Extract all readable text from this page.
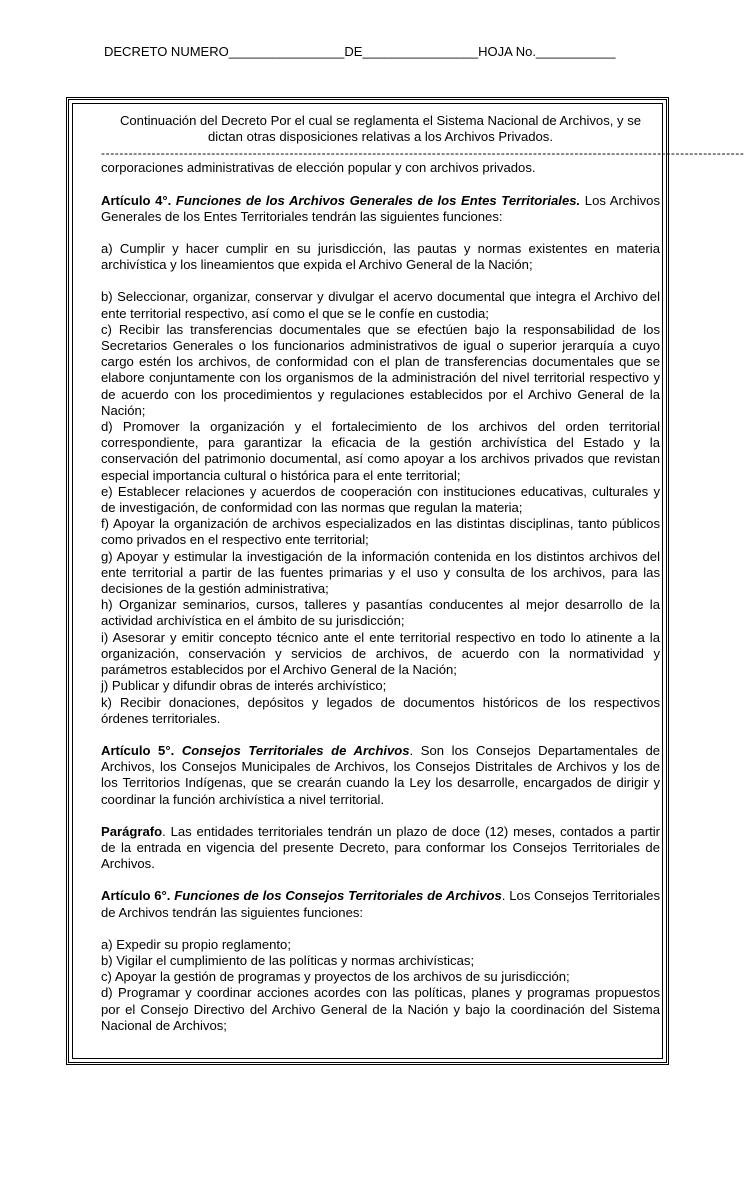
DECRETO NUMERO________________DE________________HOJA No.___________

Continuación del Decreto Por el cual se reglamenta el Sistema Nacional de Archivos, y se dictan otras disposiciones relativas a los Archivos Privados.

--------------------------------------------------------------------------------------------------------------------------------------------

corporaciones administrativas de elección popular y con archivos privados.

Artículo 4°. Funciones de los Archivos Generales de los Entes Territoriales. Los Archivos Generales de los Entes Territoriales tendrán las siguientes funciones:

a) Cumplir y hacer cumplir en su jurisdicción, las pautas y normas existentes en materia archivística y los lineamientos que expida el Archivo General de la Nación;

b) Seleccionar, organizar, conservar y divulgar el acervo documental que integra el Archivo del ente territorial respectivo, así como el que se le confíe en custodia;

c) Recibir las transferencias documentales que se efectúen bajo la responsabilidad de los Secretarios Generales o los funcionarios administrativos de igual o superior jerarquía a cuyo cargo estén los archivos, de conformidad con el plan de transferencias documentales que se elabore conjuntamente con los organismos de la administración del nivel territorial respectivo y de acuerdo con los procedimientos y regulaciones establecidos por el Archivo General de la Nación;

d) Promover la organización y el fortalecimiento de los archivos del orden territorial correspondiente, para garantizar la eficacia de la gestión archivística del Estado y la conservación del patrimonio documental, así como apoyar a los archivos privados que revistan especial importancia cultural o histórica para el ente territorial;

e) Establecer relaciones y acuerdos de cooperación con instituciones educativas, culturales y de investigación, de conformidad con las normas que regulan la materia;

f) Apoyar la organización de archivos especializados en las distintas disciplinas, tanto públicos como privados en el respectivo ente territorial;

g) Apoyar y estimular la investigación de la información contenida en los distintos archivos del ente territorial a partir de las fuentes primarias y el uso y consulta de los archivos, para las decisiones de la gestión administrativa;

h) Organizar seminarios, cursos, talleres y pasantías conducentes al mejor desarrollo de la actividad archivística en el ámbito de su jurisdicción;

i) Asesorar y emitir concepto técnico ante el ente territorial respectivo en todo lo atinente a la organización, conservación y servicios de archivos, de acuerdo con la normatividad y parámetros establecidos por el Archivo General de la Nación;

j) Publicar y difundir obras de interés archivístico;

k) Recibir donaciones, depósitos y legados de documentos históricos de los respectivos órdenes territoriales.

Artículo 5°. Consejos Territoriales de Archivos. Son los Consejos Departamentales de Archivos, los Consejos Municipales de Archivos, los Consejos Distritales de Archivos y los de los Territorios Indígenas, que se crearán cuando la Ley los desarrolle, encargados de dirigir y coordinar la función archivística a nivel territorial.

Parágrafo. Las entidades territoriales tendrán un plazo de doce (12) meses, contados a partir de la entrada en vigencia del presente Decreto, para conformar los Consejos Territoriales de Archivos.

Artículo 6°. Funciones de los Consejos Territoriales de Archivos. Los Consejos Territoriales de Archivos tendrán las siguientes funciones:

a) Expedir su propio reglamento;

b) Vigilar el cumplimiento de las políticas y normas archivísticas;

c) Apoyar la gestión de programas y proyectos de los archivos de su jurisdicción;

d) Programar y coordinar acciones acordes con las políticas, planes y programas propuestos por el Consejo Directivo del Archivo General de la Nación y bajo la coordinación del Sistema Nacional de Archivos;
